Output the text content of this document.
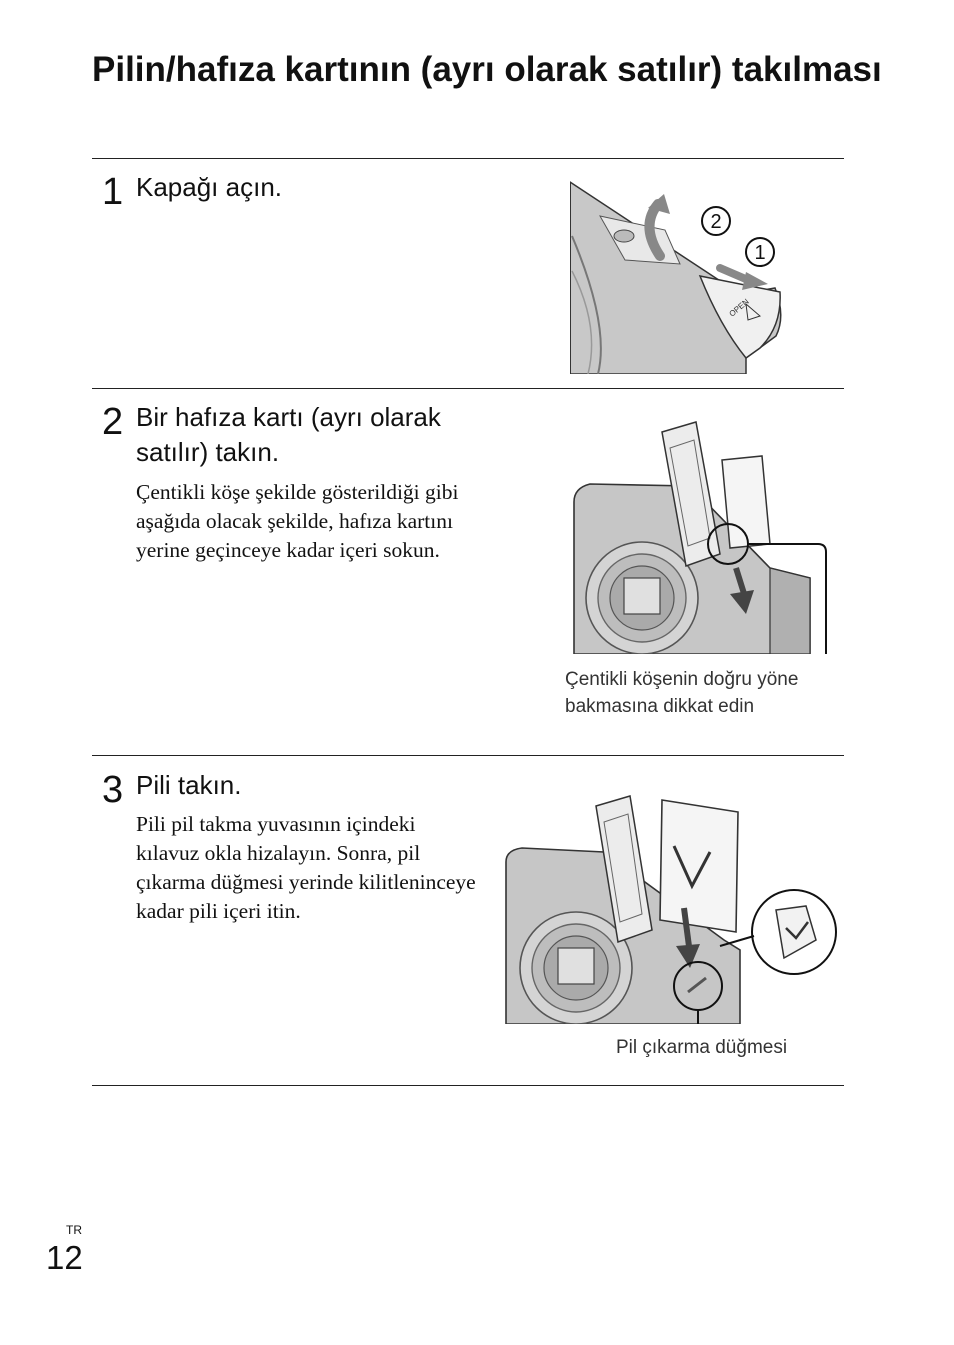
Pilin/hafıza kartının (ayrı olarak satılır) takılması
1 Kapağı açın.
2
1
OPEN
2 Bir hafıza kartı (ayrı olarak satılır) takın.
Çentikli köşe şekilde gösterildiği gibi aşağıda olacak şekilde, hafıza kartını yerine geçinceye kadar içeri sokun.
Çentikli köşenin doğru yöne bakmasına dikkat edin
3 Pili takın.
Pili pil takma yuvasının içindeki kılavuz okla hizalayın. Sonra, pil çıkarma düğmesi yerinde kilitleninceye kadar pili içeri itin.
Pil çıkarma düğmesi
TR
12
